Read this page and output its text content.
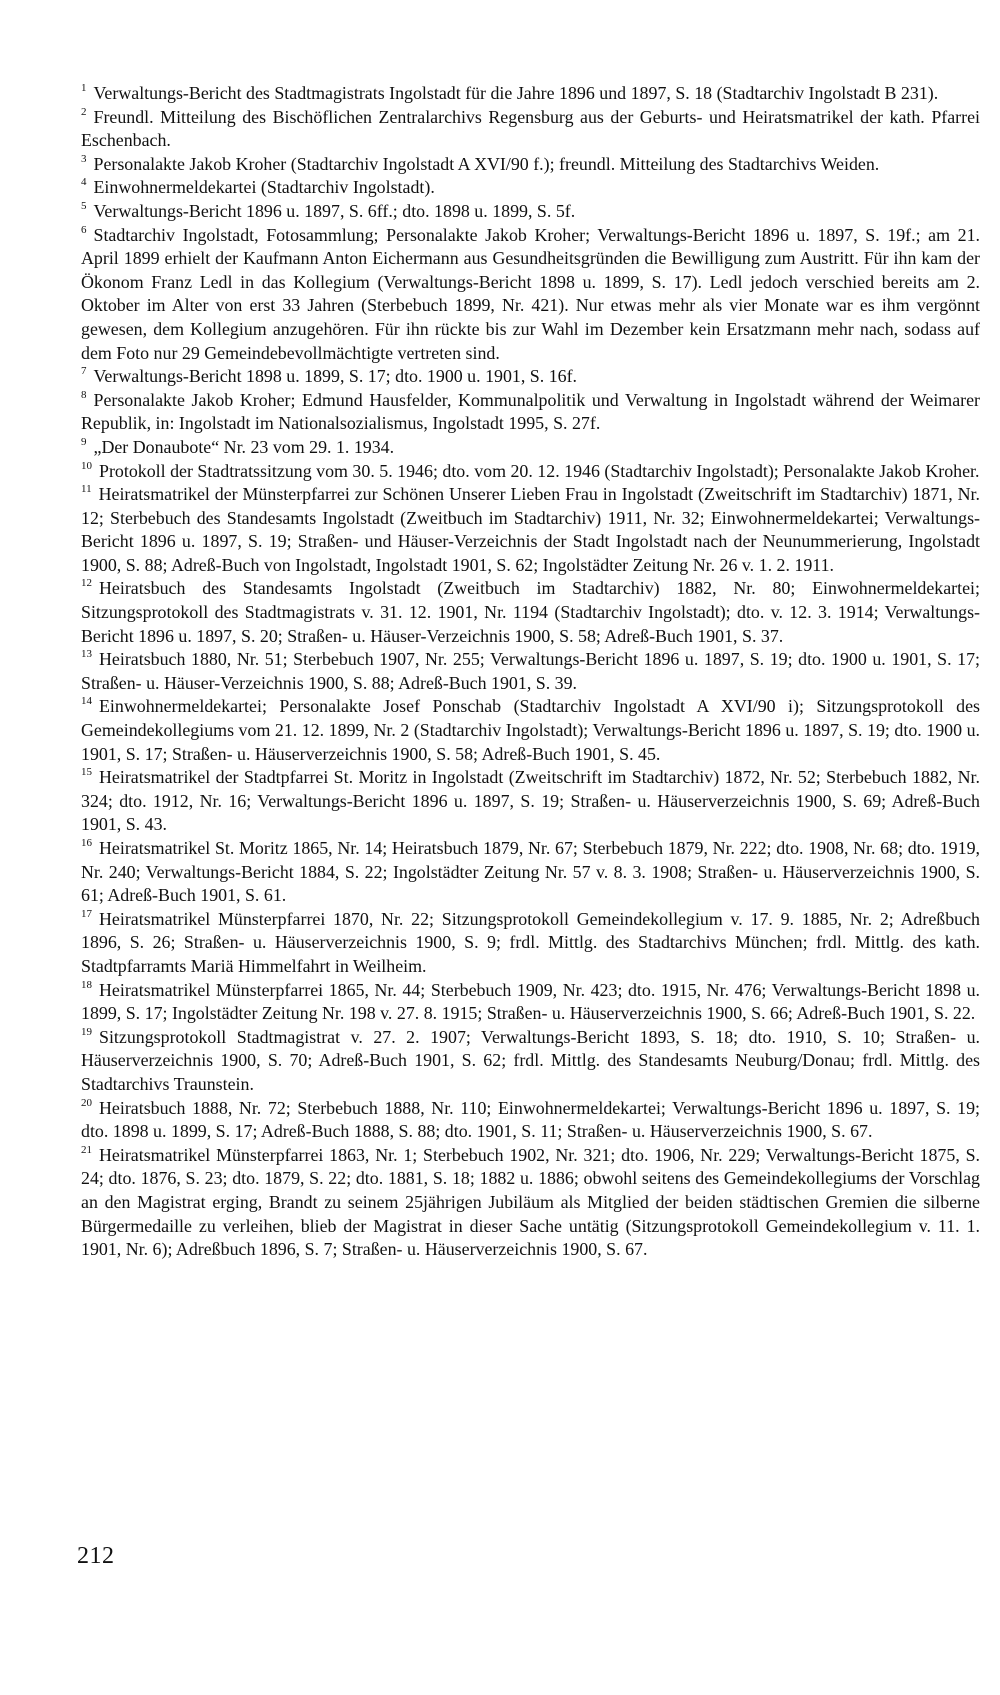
$^1$ Verwaltungs-Bericht des Stadtmagistrats Ingolstadt für die Jahre 1896 und 1897, S. 18 (Stadtarchiv Ingolstadt B 231).

$^2$ Freundl. Mitteilung des Bischöflichen Zentralarchivs Regensburg aus der Geburts- und Heiratsmatrikel der kath. Pfarrei Eschenbach.

$^3$ Personalakte Jakob Kroher (Stadtarchiv Ingolstadt A XVI/90 f.); freundl. Mitteilung des Stadtarchivs Weiden.

$^4$ Einwohnermeldekartei (Stadtarchiv Ingolstadt).

$^5$ Verwaltungs-Bericht 1896 u. 1897, S. 6ff.; dto. 1898 u. 1899, S. 5f.

$^6$ Stadtarchiv Ingolstadt, Fotosammlung; Personalakte Jakob Kroher; Verwaltungs-Bericht 1896 u. 1897, S. 19f.; am 21. April 1899 erhielt der Kaufmann Anton Eichermann aus Gesundheitsgründen die Bewilligung zum Austritt. Für ihn kam der Ökonom Franz Ledl in das Kollegium (Verwaltungs-Bericht 1898 u. 1899, S. 17). Ledl jedoch verschied bereits am 2. Oktober im Alter von erst 33 Jahren (Sterbebuch 1899, Nr. 421). Nur etwas mehr als vier Monate war es ihm vergönnt gewesen, dem Kollegium anzugehören. Für ihn rückte bis zur Wahl im Dezember kein Ersatzmann mehr nach, sodass auf dem Foto nur 29 Gemeindebevollmächtigte vertreten sind.

$^7$ Verwaltungs-Bericht 1898 u. 1899, S. 17; dto. 1900 u. 1901, S. 16f.

$^8$ Personalakte Jakob Kroher; Edmund Hausfelder, Kommunalpolitik und Verwaltung in Ingolstadt während der Weimarer Republik, in: Ingolstadt im Nationalsozialismus, Ingolstadt 1995, S. 27f.

$^9$ „Der Donaubote“ Nr. 23 vom 29. 1. 1934.

$^{10}$ Protokoll der Stadtratssitzung vom 30. 5. 1946; dto. vom 20. 12. 1946 (Stadtarchiv Ingolstadt); Personalakte Jakob Kroher.

$^{11}$ Heiratsmatrikel der Münsterpfarrei zur Schönen Unserer Lieben Frau in Ingolstadt (Zweitschrift im Stadtarchiv) 1871, Nr. 12; Sterbebuch des Standesamts Ingolstadt (Zweitbuch im Stadtarchiv) 1911, Nr. 32; Einwohnermeldekartei; Verwaltungs-Bericht 1896 u. 1897, S. 19; Straßen- und Häuser-Verzeichnis der Stadt Ingolstadt nach der Neunummerierung, Ingolstadt 1900, S. 88; Adreß-Buch von Ingolstadt, Ingolstadt 1901, S. 62; Ingolstädter Zeitung Nr. 26 v. 1. 2. 1911.

$^{12}$ Heiratsbuch des Standesamts Ingolstadt (Zweitbuch im Stadtarchiv) 1882, Nr. 80; Einwohnermeldekartei; Sitzungsprotokoll des Stadtmagistrats v. 31. 12. 1901, Nr. 1194 (Stadtarchiv Ingolstadt); dto. v. 12. 3. 1914; Verwaltungs-Bericht 1896 u. 1897, S. 20; Straßen- u. Häuser-Verzeichnis 1900, S. 58; Adreß-Buch 1901, S. 37.

$^{13}$ Heiratsbuch 1880, Nr. 51; Sterbebuch 1907, Nr. 255; Verwaltungs-Bericht 1896 u. 1897, S. 19; dto. 1900 u. 1901, S. 17; Straßen- u. Häuser-Verzeichnis 1900, S. 88; Adreß-Buch 1901, S. 39.

$^{14}$ Einwohnermeldekartei; Personalakte Josef Ponschab (Stadtarchiv Ingolstadt A XVI/90 i); Sitzungsprotokoll des Gemeindekollegiums vom 21. 12. 1899, Nr. 2 (Stadtarchiv Ingolstadt); Verwaltungs-Bericht 1896 u. 1897, S. 19; dto. 1900 u. 1901, S. 17; Straßen- u. Häuserverzeichnis 1900, S. 58; Adreß-Buch 1901, S. 45.

$^{15}$ Heiratsmatrikel der Stadtpfarrei St. Moritz in Ingolstadt (Zweitschrift im Stadtarchiv) 1872, Nr. 52; Sterbebuch 1882, Nr. 324; dto. 1912, Nr. 16; Verwaltungs-Bericht 1896 u. 1897, S. 19; Straßen- u. Häuserverzeichnis 1900, S. 69; Adreß-Buch 1901, S. 43.

$^{16}$ Heiratsmatrikel St. Moritz 1865, Nr. 14; Heiratsbuch 1879, Nr. 67; Sterbebuch 1879, Nr. 222; dto. 1908, Nr. 68; dto. 1919, Nr. 240; Verwaltungs-Bericht 1884, S. 22; Ingolstädter Zeitung Nr. 57 v. 8. 3. 1908; Straßen- u. Häuserverzeichnis 1900, S. 61; Adreß-Buch 1901, S. 61.

$^{17}$ Heiratsmatrikel Münsterpfarrei 1870, Nr. 22; Sitzungsprotokoll Gemeindekollegium v. 17. 9. 1885, Nr. 2; Adreßbuch 1896, S. 26; Straßen- u. Häuserverzeichnis 1900, S. 9; frdl. Mittlg. des Stadtarchivs München; frdl. Mittlg. des kath. Stadtpfarramts Mariä Himmelfahrt in Weilheim.

$^{18}$ Heiratsmatrikel Münsterpfarrei 1865, Nr. 44; Sterbebuch 1909, Nr. 423; dto. 1915, Nr. 476; Verwaltungs-Bericht 1898 u. 1899, S. 17; Ingolstädter Zeitung Nr. 198 v. 27. 8. 1915; Straßen- u. Häuserverzeichnis 1900, S. 66; Adreß-Buch 1901, S. 22.

$^{19}$ Sitzungsprotokoll Stadtmagistrat v. 27. 2. 1907; Verwaltungs-Bericht 1893, S. 18; dto. 1910, S. 10; Straßen- u. Häuserverzeichnis 1900, S. 70; Adreß-Buch 1901, S. 62; frdl. Mittlg. des Standesamts Neuburg/Donau; frdl. Mittlg. des Stadtarchivs Traunstein.

$^{20}$ Heiratsbuch 1888, Nr. 72; Sterbebuch 1888, Nr. 110; Einwohnermeldekartei; Verwaltungs-Bericht 1896 u. 1897, S. 19; dto. 1898 u. 1899, S. 17; Adreß-Buch 1888, S. 88; dto. 1901, S. 11; Straßen- u. Häuserverzeichnis 1900, S. 67.

$^{21}$ Heiratsmatrikel Münsterpfarrei 1863, Nr. 1; Sterbebuch 1902, Nr. 321; dto. 1906, Nr. 229; Verwaltungs-Bericht 1875, S. 24; dto. 1876, S. 23; dto. 1879, S. 22; dto. 1881, S. 18; 1882 u. 1886; obwohl seitens des Gemeindekollegiums der Vorschlag an den Magistrat erging, Brandt zu seinem 25jährigen Jubiläum als Mitglied der beiden städtischen Gremien die silberne Bürgermedaille zu verleihen, blieb der Magistrat in dieser Sache untätig (Sitzungsprotokoll Gemeindekollegium v. 11. 1. 1901, Nr. 6); Adreßbuch 1896, S. 7; Straßen- u. Häuserverzeichnis 1900, S. 67.

212
